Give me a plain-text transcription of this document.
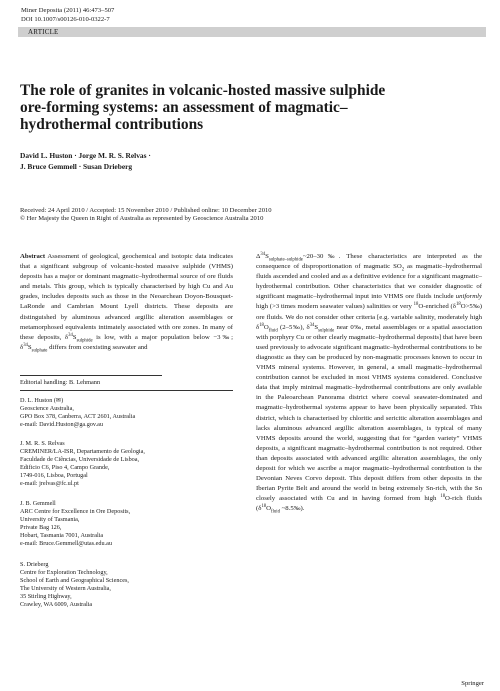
Miner Deposita (2011) 46:473–507
DOI 10.1007/s00126-010-0322-7
ARTICLE
The role of granites in volcanic-hosted massive sulphide ore-forming systems: an assessment of magmatic–hydrothermal contributions
David L. Huston · Jorge M. R. S. Relvas ·
J. Bruce Gemmell · Susan Drieberg
Received: 24 April 2010 / Accepted: 15 November 2010 / Published online: 10 December 2010
© Her Majesty the Queen in Right of Australia as represented by Geoscience Australia 2010

Abstract Assessment of geological, geochemical and isotopic data indicates that a significant subgroup of volcanic-hosted massive sulphide (VHMS) deposits has a major or dominant magmatic–hydrothermal source of ore fluids and metals. This group, which is typically characterised by high Cu and Au grades, includes deposits such as those in the Neoarchean Doyon-Bousquet-LaRonde and Cambrian Mount Lyell districts. These deposits are distinguished by aluminous advanced argillic alteration assemblages or metamorphosed equivalents intimately associated with ore zones. In many of these deposits, $\delta^{34}S_{sulphide}$ is low, with a major population below −3‰; $\delta^{34}S_{sulphate}$ differs from coexisting seawater and

Editorial handling: B. Lehmann
D. L. Huston (✉)
Geoscience Australia,
GPO Box 378, Canberra, ACT 2601, Australia
e-mail: David.Huston@ga.gov.au
J. M. R. S. Relvas
CREMINER/LA-ISR, Departamento de Geologia,
Faculdade de Ciências, Universidade de Lisboa,
Edificio C6, Piso 4, Campo Grande,
1749-016, Lisboa, Portugal
e-mail: jrelvas@fc.ul.pt
J. B. Gemmell
ARC Centre for Excellence in Ore Deposits,
University of Tasmania,
Private Bag 126,
Hobart, Tasmania 7001, Australia
e-mail: Bruce.Gemmell@utas.edu.au
S. Drieberg
Centre for Exploration Technology,
School of Earth and Geographical Sciences,
The University of Western Australia,
35 Stirling Highway,
Crawley, WA 6009, Australia

$\Delta^{34}S_{sulphate-sulphide}\sim 20-30‰$. These characteristics are interpreted as the consequence of disproportionation of magmatic $SO_2$ as magmatic–hydrothermal fluids ascended and cooled and as a definitive evidence for a significant magmatic–hydrothermal contribution. Other characteristics that we consider diagnostic of significant magmatic–hydrothermal input into VHMS ore fluids include uniformly high (>3 times modern seawater values) salinities or very $^{18}$O-enriched $(\delta^{18}O>5‰)$ ore fluids. We do not consider other criteria [e.g. variable salinity, moderately high $\delta^{18}O_{fluid}$ (2–5‰), $\delta^{34}S_{sulphide}$ near 0‰, metal assemblages or a spatial association with porphyry Cu or other clearly magmatic–hydrothermal deposits] that have been used previously to advocate significant magmatic–hydrothermal contributions to be diagnostic as they can be produced by non-magmatic processes known to occur in VHMS mineral systems. However, in general, a small magmatic–hydrothermal contribution cannot be excluded in most VHMS systems considered. Conclusive data that imply minimal magmatic–hydrothermal contributions are only available in the Paleoarchean Panorama district where coeval seawater-dominated and magmatic–hydrothermal systems appear to have been physically separated. This district, which is characterised by chloritic and sericitic alteration assemblages and lacks aluminous advanced argillic alteration assemblages, is typical of many VHMS deposits around the world, suggesting that for “garden variety” VHMS deposits, a significant magmatic–hydrothermal contribution is not required. Other than deposits associated with advanced argillic alteration assemblages, the only deposit for which we ascribe a major magmatic–hydrothermal contribution is the Devonian Neves Corvo deposit. This deposit differs from other deposits in the Iberian Pyrite Belt and around the world in being extremely Sn-rich, with the Sn closely associated with Cu and in having formed from high $^{18}$O-rich fluids ($\delta^{18}O_{fluid}$ ~8.5‰).

Springer
